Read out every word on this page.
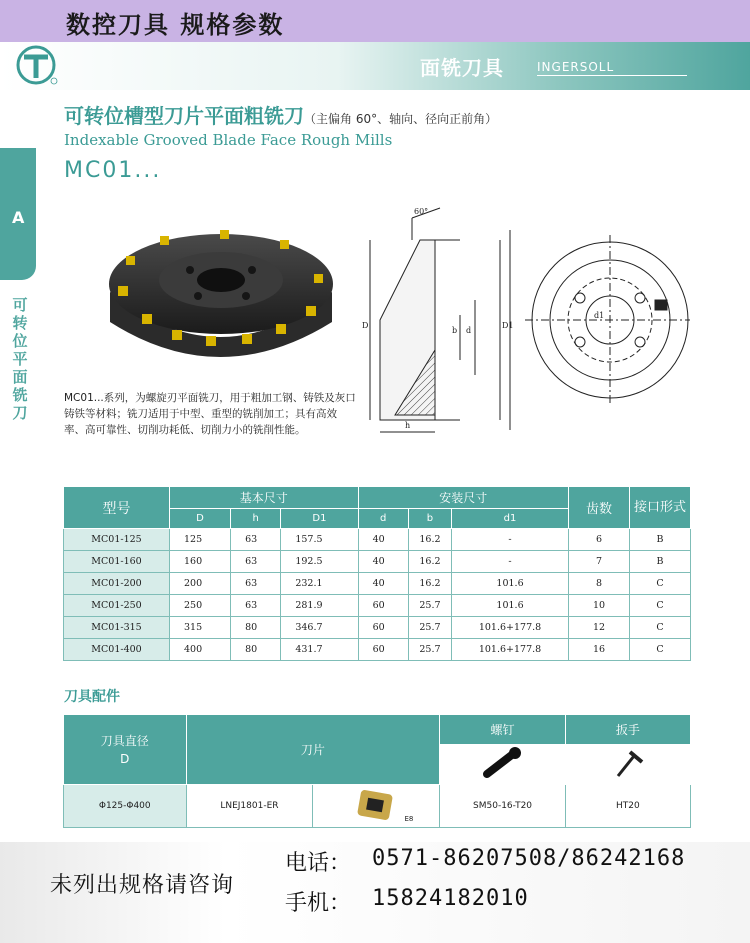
数控刀具 规格参数
面铣刀具	INGERSOLL
A
可转位平面铣刀
可转位槽型刀片平面粗铣刀（主偏角 60°、轴向、径向正前角）
Indexable Grooved Blade Face Rough Mills
MC01...
60°
D
b d
D1
h
d1
MC01...系列，为螺旋刃平面铣刀，用于粗加工钢、铸铁及灰口铸铁等材料；铣刀适用于中型、重型的铣削加工；具有高效率、高可靠性、切削功耗低、切削力小的铣削性能。
型号	基本尺寸			安装尺寸			齿数	接口形式
	D	h	D1	d	b	d1		
MC01-125	125	63	157.5	40	16.2	-	6	B
MC01-160	160	63	192.5	40	16.2	-	7	B
MC01-200	200	63	232.1	40	16.2	101.6	8	C
MC01-250	250	63	281.9	60	25.7	101.6	10	C
MC01-315	315	80	346.7	60	25.7	101.6+177.8	12	C
MC01-400	400	80	431.7	60	25.7	101.6+177.8	16	C
刀具配件
刀具直径
D	刀片		螺钉	扳手

Φ125-Φ400	LNEJ1801-ER	E8	SM50-16-T20	HT20
未列出规格请咨询
电话： 0571-86207508/86242168
手机： 15824182010
